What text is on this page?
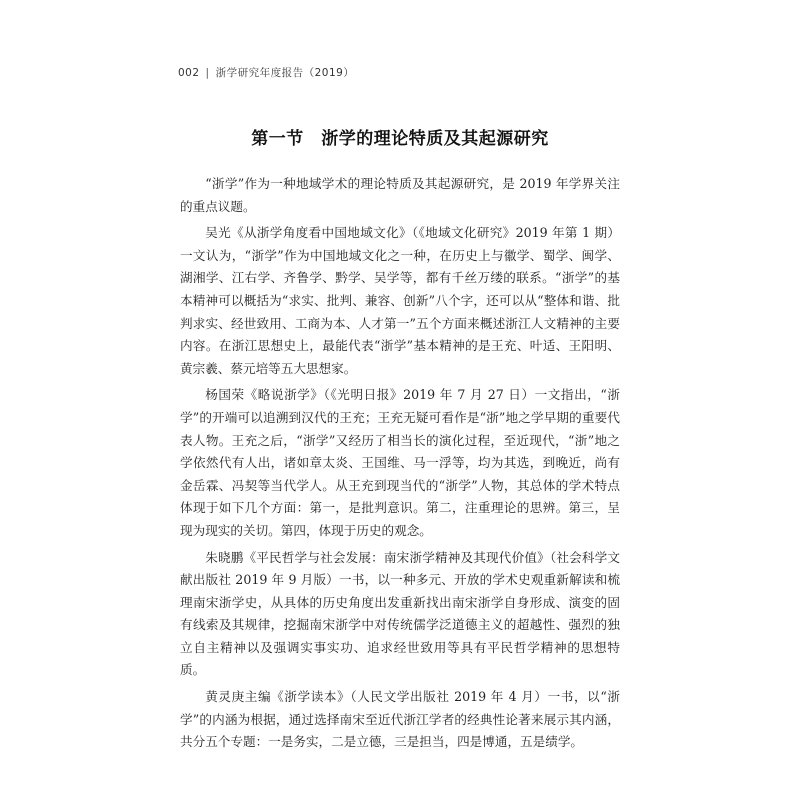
002 | 浙学研究年度报告（2019）
第一节　浙学的理论特质及其起源研究

“浙学”作为一种地域学术的理论特质及其起源研究，是 2019 年学界关注的重点议题。

吴光《从浙学角度看中国地域文化》（《地域文化研究》2019 年第 1 期）一文认为，“浙学”作为中国地域文化之一种，在历史上与徽学、蜀学、闽学、湖湘学、江右学、齐鲁学、黔学、吴学等，都有千丝万缕的联系。“浙学”的基本精神可以概括为“求实、批判、兼容、创新”八个字，还可以从“整体和谐、批判求实、经世致用、工商为本、人才第一”五个方面来概述浙江人文精神的主要内容。在浙江思想史上，最能代表“浙学”基本精神的是王充、叶适、王阳明、黄宗羲、蔡元培等五大思想家。

杨国荣《略说浙学》（《光明日报》2019 年 7 月 27 日）一文指出，“浙学”的开端可以追溯到汉代的王充；王充无疑可看作是“浙”地之学早期的重要代表人物。王充之后，“浙学”又经历了相当长的演化过程，至近现代，“浙”地之学依然代有人出，诸如章太炎、王国维、马一浮等，均为其选，到晚近，尚有金岳霖、冯契等当代学人。从王充到现当代的“浙学”人物，其总体的学术特点体现于如下几个方面：第一，是批判意识。第二，注重理论的思辨。第三，呈现为现实的关切。第四，体现于历史的观念。

朱晓鹏《平民哲学与社会发展：南宋浙学精神及其现代价值》（社会科学文献出版社 2019 年 9 月版）一书，以一种多元、开放的学术史观重新解读和梳理南宋浙学史，从具体的历史角度出发重新找出南宋浙学自身形成、演变的固有线索及其规律，挖掘南宋浙学中对传统儒学泛道德主义的超越性、强烈的独立自主精神以及强调实事实功、追求经世致用等具有平民哲学精神的思想特质。

黄灵庚主编《浙学读本》（人民文学出版社 2019 年 4 月）一书，以“浙学”的内涵为根据，通过选择南宋至近代浙江学者的经典性论著来展示其内涵，共分五个专题：一是务实，二是立德，三是担当，四是博通，五是绩学。
